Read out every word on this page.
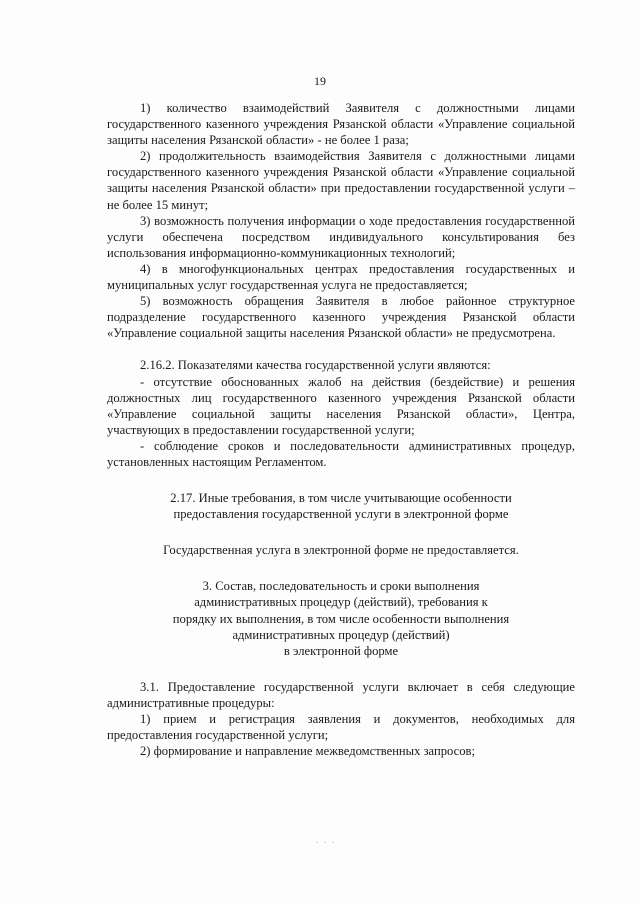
19

1) количество взаимодействий Заявителя с должностными лицами государственного казенного учреждения Рязанской области «Управление социальной защиты населения Рязанской области» - не более 1 раза;

2) продолжительность взаимодействия Заявителя с должностными лицами государственного казенного учреждения Рязанской области «Управление социальной защиты населения Рязанской области» при предоставлении государственной услуги – не более 15 минут;

3) возможность получения информации о ходе предоставления государственной услуги обеспечена посредством индивидуального консультирования без использования информационно-коммуникационных технологий;

4) в многофункциональных центрах предоставления государственных и муниципальных услуг государственная услуга не предоставляется;

5) возможность обращения Заявителя в любое районное структурное подразделение государственного казенного учреждения Рязанской области «Управление социальной защиты населения Рязанской области» не предусмотрена.

2.16.2. Показателями качества государственной услуги являются:

- отсутствие обоснованных жалоб на действия (бездействие) и решения должностных лиц государственного казенного учреждения Рязанской области «Управление социальной защиты населения Рязанской области», Центра, участвующих в предоставлении государственной услуги;

- соблюдение сроков и последовательности административных процедур, установленных настоящим Регламентом.

2.17. Иные требования, в том числе учитывающие особенности

предоставления государственной услуги в электронной форме

Государственная услуга в электронной форме не предоставляется.

3. Состав, последовательность и сроки выполнения

административных процедур (действий), требования к

порядку их выполнения, в том числе особенности выполнения

административных процедур (действий)

в электронной форме

3.1. Предоставление государственной услуги включает в себя следующие административные процедуры:

1) прием и регистрация заявления и документов, необходимых для предоставления государственной услуги;

2) формирование и направление межведомственных запросов;

. . .
